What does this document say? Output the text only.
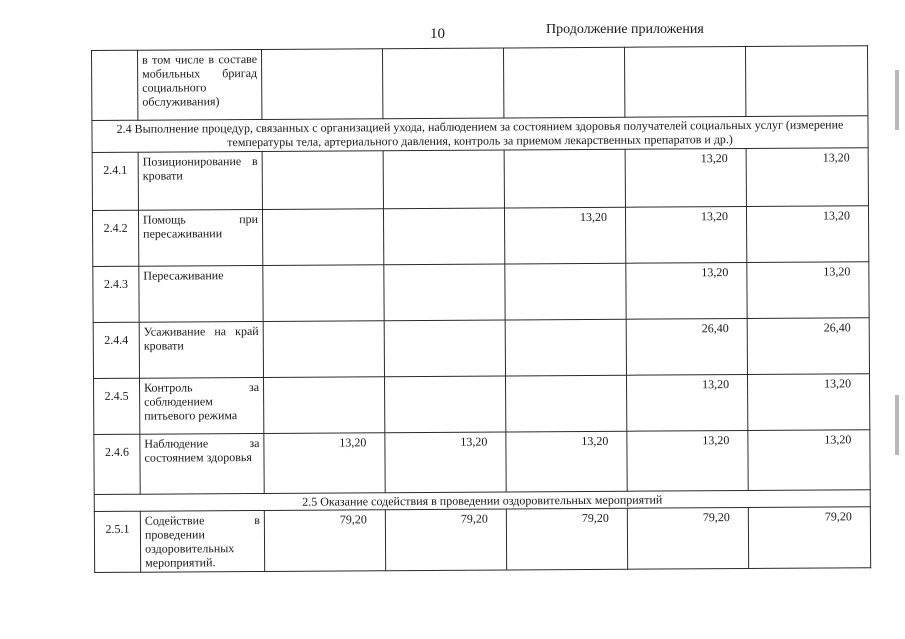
10	Продолжение приложения
	в том числе в составе мобильных бригад социального обслуживания)					
2.4 Выполнение процедур, связанных с организацией ухода, наблюдением за состоянием здоровья получателей социальных услуг (измерение температуры тела, артериального давления, контроль за приемом лекарственных препаратов и др.)						
2.4.1	Позиционирование в кровати				13,20	13,20
2.4.2	Помощь при пересаживании			13,20	13,20	13,20
2.4.3	Пересаживание				13,20	13,20
2.4.4	Усаживание на край кровати				26,40	26,40
2.4.5	Контроль за соблюдением питьевого режима				13,20	13,20
2.4.6	Наблюдение за состоянием здоровья	13,20	13,20	13,20	13,20	13,20
2.5 Оказание содействия в проведении оздоровительных мероприятий						
2.5.1	Содействие в проведении оздоровительных мероприятий.	79,20	79,20	79,20	79,20	79,20
